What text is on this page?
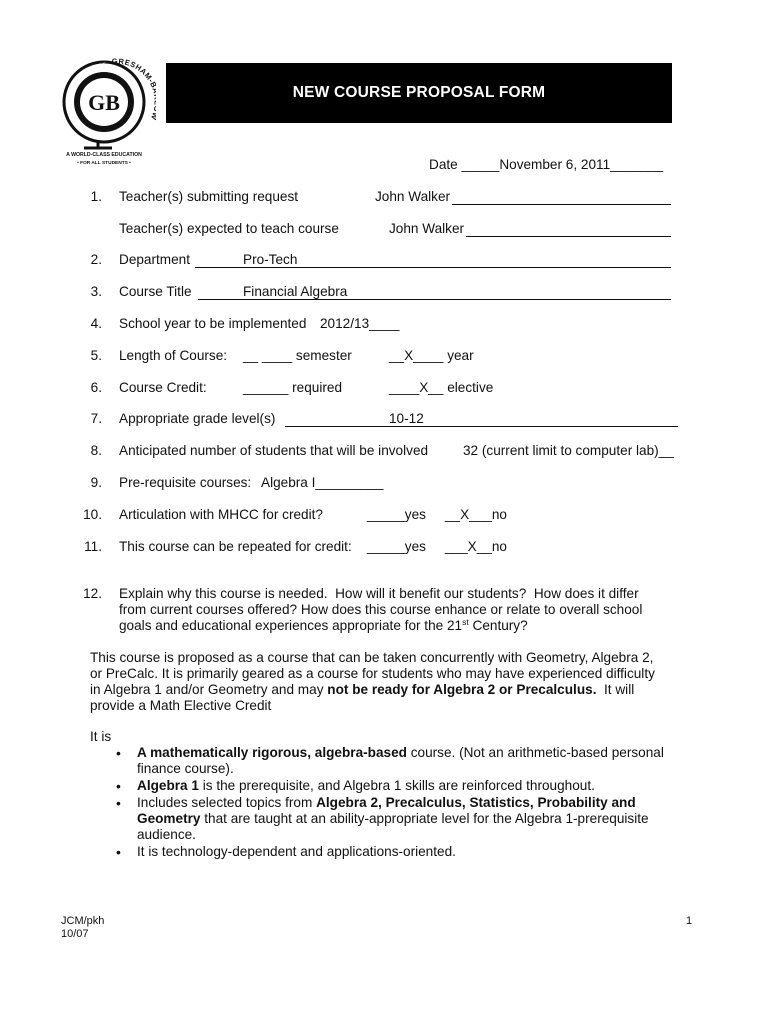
GB
GRESHAM-
SCHOOL DISTRICT
A WORLD-CLASS EDUCATION
• FOR ALL STUDENTS •
NEW COURSE PROPOSAL FORM
Date _____November 6, 2011_______
1. Teacher(s) submitting request	John Walker
Teacher(s) expected to teach course	John Walker
2. Department	Pro-Tech
3. Course Title	Financial Algebra
4. School year to be implemented 2012/13____
5. Length of Course: __ ____ semester	__X____ year
6. Course Credit:	______ required	____X__ elective
7. Appropriate grade level(s)	10-12
8. Anticipated number of students that will be involved	32 (current limit to computer lab)__
9. Pre-requisite courses: Algebra I_________
10. Articulation with MHCC for credit?	_____yes __X___no
11. This course can be repeated for credit: _____yes ___X__no
12. Explain why this course is needed.  How will it benefit our students?  How does it differ
from current courses offered? How does this course enhance or relate to overall school
goals and educational experiences appropriate for the 21st Century?
This course is proposed as a course that can be taken concurrently with Geometry, Algebra 2,
or PreCalc. It is primarily geared as a course for students who may have experienced difficulty
in Algebra 1 and/or Geometry and may not be ready for Algebra 2 or Precalculus.  It will
provide a Math Elective Credit
It is
• A mathematically rigorous, algebra-based course. (Not an arithmetic-based personal finance course).
• Algebra 1 is the prerequisite, and Algebra 1 skills are reinforced throughout.
• Includes selected topics from Algebra 2, Precalculus, Statistics, Probability and Geometry that are taught at an ability-appropriate level for the Algebra 1-prerequisite audience.
• It is technology-dependent and applications-oriented.
JCM/pkh
10/07
1
